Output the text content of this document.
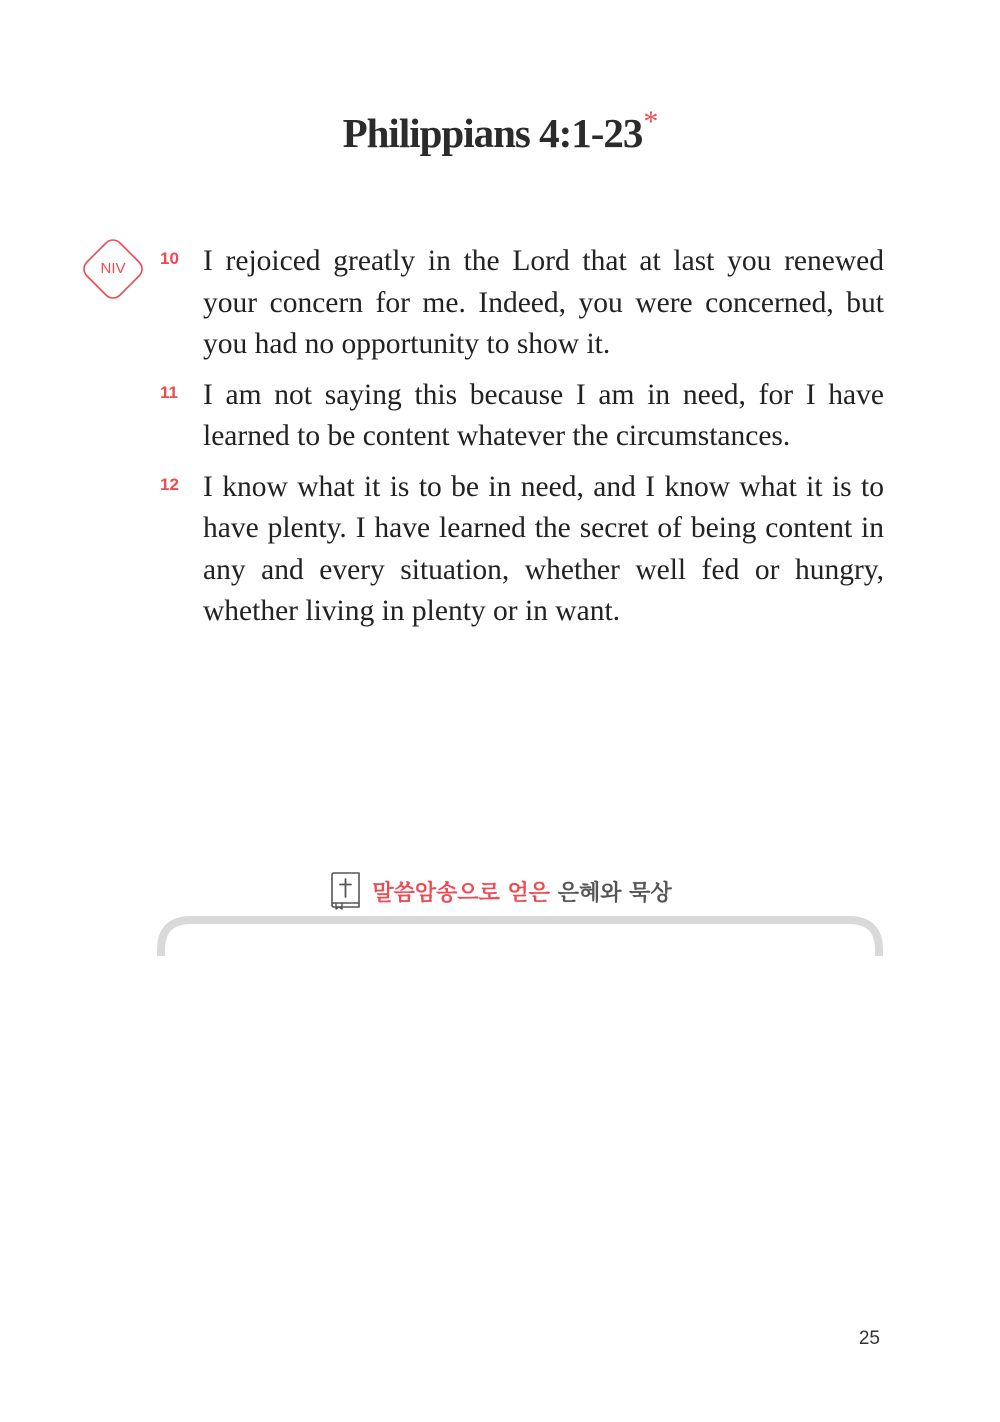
Philippians 4:1-23*
NIV
10 I rejoiced greatly in the Lord that at last you renewed your concern for me. Indeed, you were concerned, but you had no opportunity to show it.
11 I am not saying this because I am in need, for I have learned to be content whatever the circumstances.
12 I know what it is to be in need, and I know what it is to have plenty. I have learned the secret of being content in any and every situation, whether well fed or hungry, whether living in plenty or in want.
말씀암송으로 얻은 은혜와 묵상
25
